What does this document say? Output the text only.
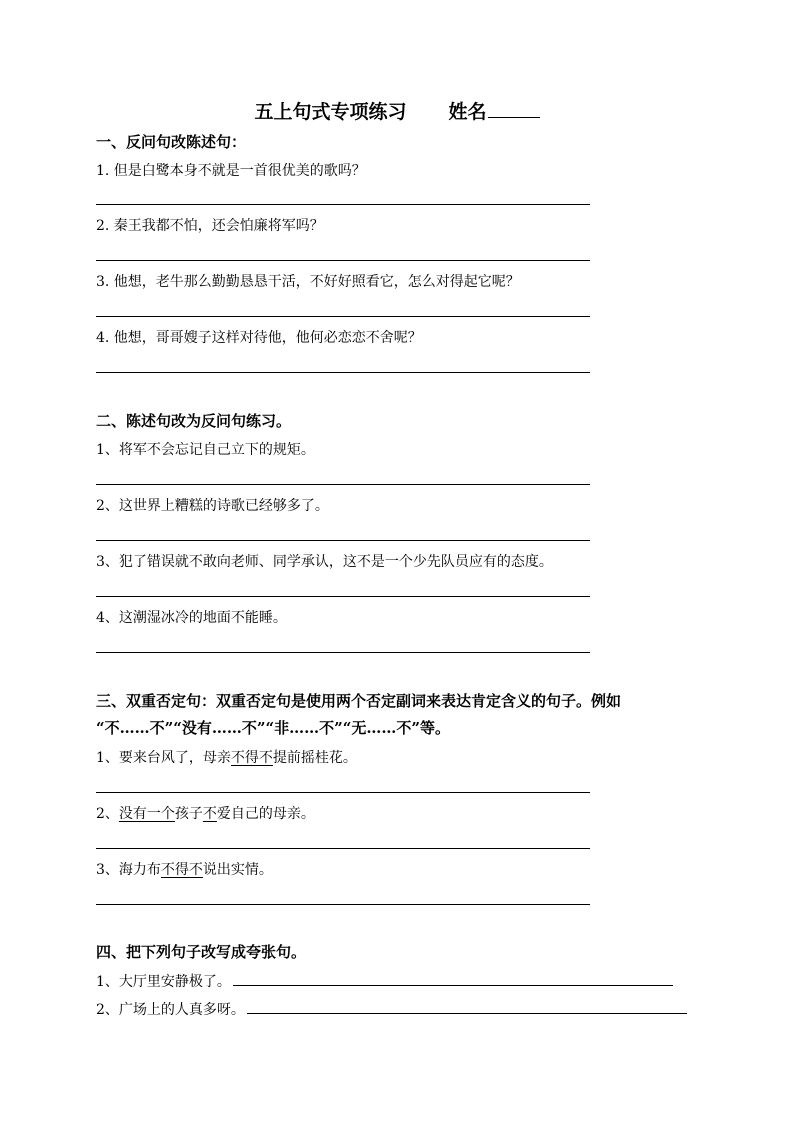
五上句式专项练习 姓名
一、反问句改陈述句：
1. 但是白鹭本身不就是一首很优美的歌吗？
2. 秦王我都不怕，还会怕廉将军吗？
3. 他想，老牛那么勤勤恳恳干活，不好好照看它，怎么对得起它呢？
4. 他想，哥哥嫂子这样对待他，他何必恋恋不舍呢？
二、陈述句改为反问句练习。
1、将军不会忘记自己立下的规矩。
2、这世界上糟糕的诗歌已经够多了。
3、犯了错误就不敢向老师、同学承认，这不是一个少先队员应有的态度。
4、这潮湿冰冷的地面不能睡。
三、双重否定句：双重否定句是使用两个否定副词来表达肯定含义的句子。例如
“不……不”“没有……不”“非……不”“无……不”等。
1、要来台风了，母亲不得不提前摇桂花。
2、没有一个孩子不爱自己的母亲。
3、海力布不得不说出实情。
四、把下列句子改写成夸张句。
1、大厅里安静极了。
2、广场上的人真多呀。
